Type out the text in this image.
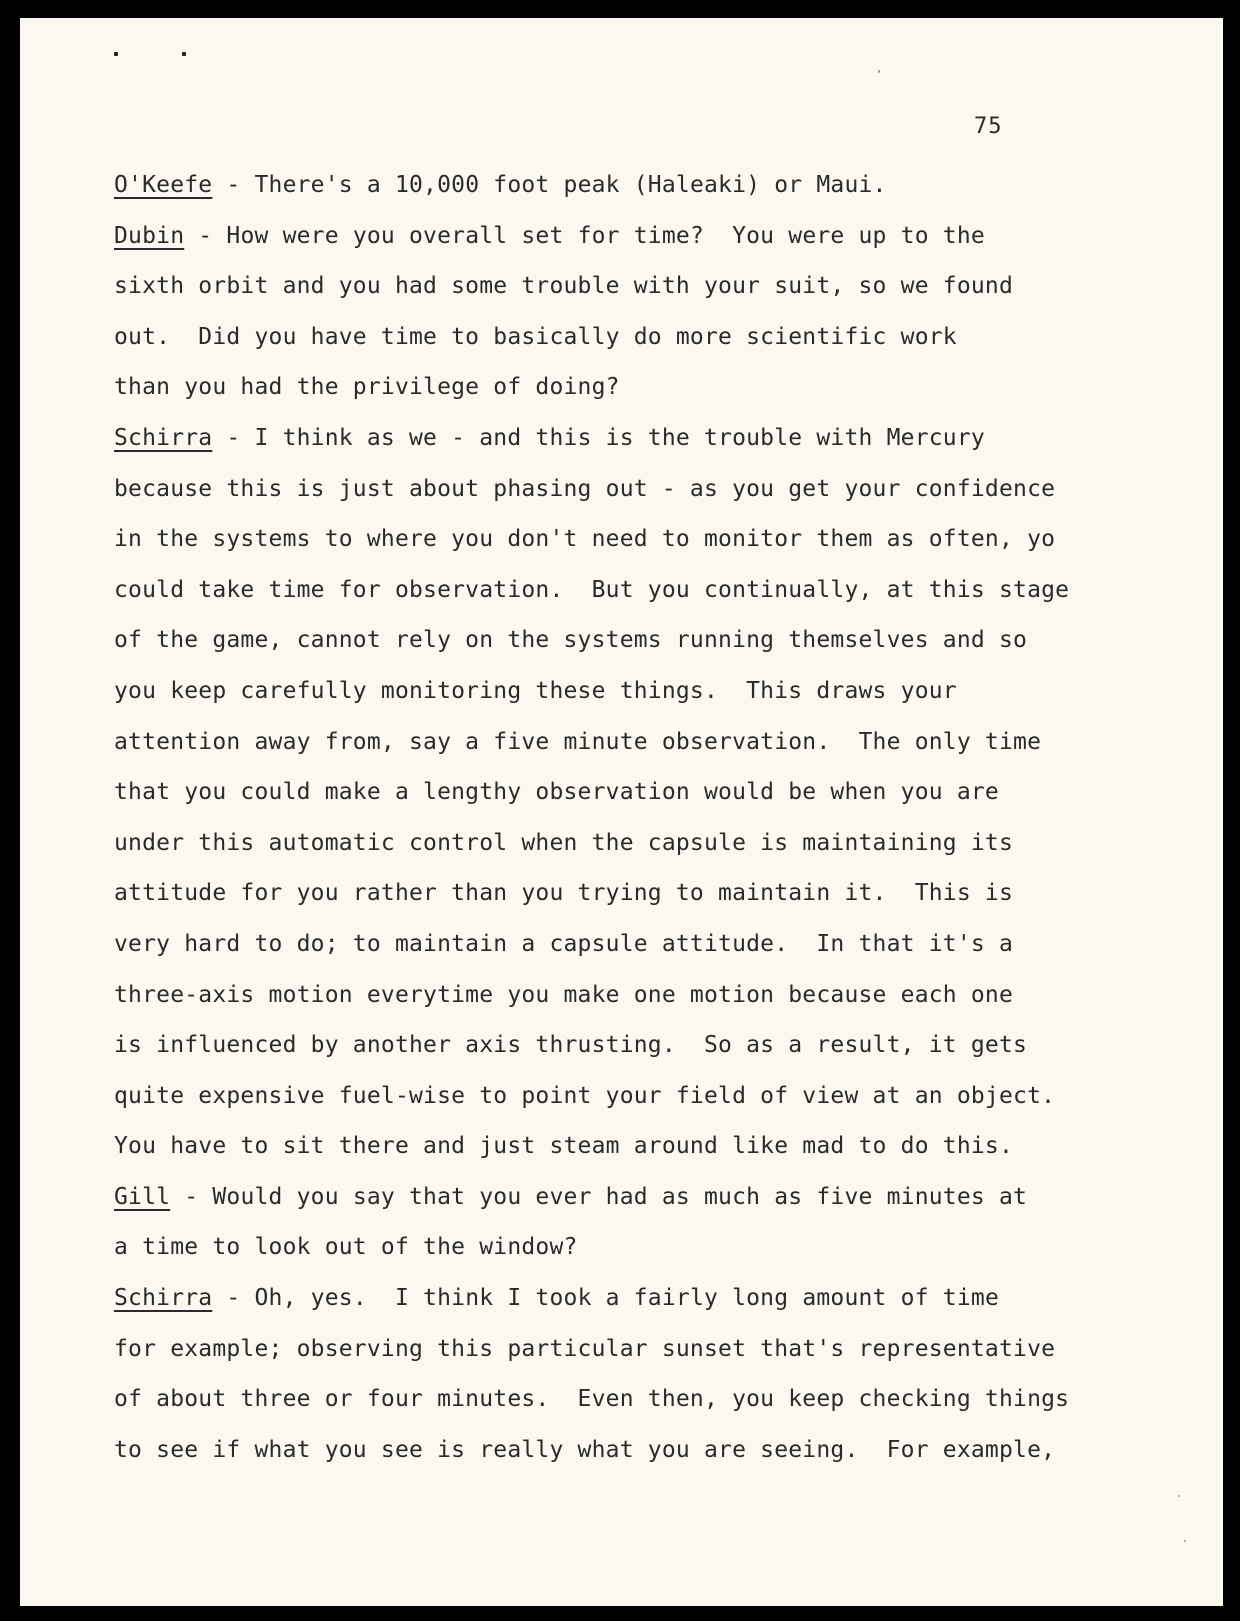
75
O'Keefe - There's a 10,000 foot peak (Haleaki) or Maui.
Dubin - How were you overall set for time?  You were up to the
sixth orbit and you had some trouble with your suit, so we found
out.  Did you have time to basically do more scientific work
than you had the privilege of doing?
Schirra - I think as we - and this is the trouble with Mercury
because this is just about phasing out - as you get your confidence
in the systems to where you don't need to monitor them as often, yo
could take time for observation.  But you continually, at this stage
of the game, cannot rely on the systems running themselves and so
you keep carefully monitoring these things.  This draws your
attention away from, say a five minute observation.  The only time
that you could make a lengthy observation would be when you are
under this automatic control when the capsule is maintaining its
attitude for you rather than you trying to maintain it.  This is
very hard to do; to maintain a capsule attitude.  In that it's a
three-axis motion everytime you make one motion because each one
is influenced by another axis thrusting.  So as a result, it gets
quite expensive fuel-wise to point your field of view at an object.
You have to sit there and just steam around like mad to do this.
Gill - Would you say that you ever had as much as five minutes at
a time to look out of the window?
Schirra - Oh, yes.  I think I took a fairly long amount of time
for example; observing this particular sunset that's representative
of about three or four minutes.  Even then, you keep checking things
to see if what you see is really what you are seeing.  For example,
